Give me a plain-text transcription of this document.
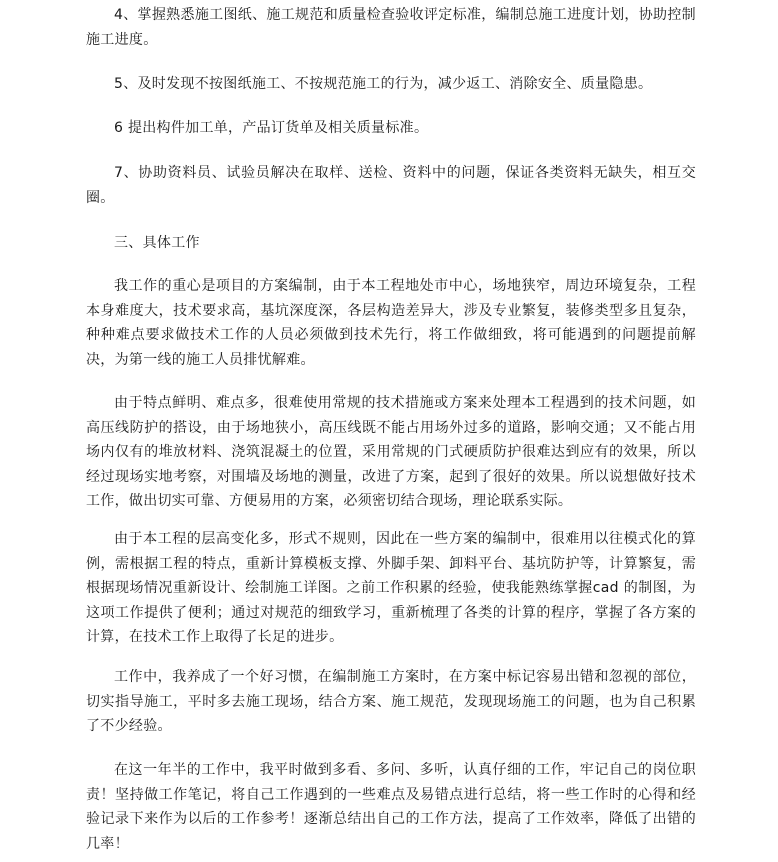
4、掌握熟悉施工图纸、施工规范和质量检查验收评定标准，编制总施工进度计划，协助控制施工进度。

5、及时发现不按图纸施工、不按规范施工的行为，减少返工、消除安全、质量隐患。

6 提出构件加工单，产品订货单及相关质量标准。

7、协助资料员、试验员解决在取样、送检、资料中的问题，保证各类资料无缺失，相互交圈。

三、具体工作

我工作的重心是项目的方案编制，由于本工程地处市中心，场地狭窄，周边环境复杂，工程本身难度大，技术要求高，基坑深度深，各层构造差异大，涉及专业繁复，装修类型多且复杂，种种难点要求做技术工作的人员必须做到技术先行，将工作做细致，将可能遇到的问题提前解决，为第一线的施工人员排忧解难。

由于特点鲜明、难点多，很难使用常规的技术措施或方案来处理本工程遇到的技术问题，如高压线防护的搭设，由于场地狭小，高压线既不能占用场外过多的道路，影响交通；又不能占用场内仅有的堆放材料、浇筑混凝土的位置，采用常规的门式硬质防护很难达到应有的效果，所以经过现场实地考察，对围墙及场地的测量，改进了方案，起到了很好的效果。所以说想做好技术工作，做出切实可靠、方便易用的方案，必须密切结合现场，理论联系实际。

由于本工程的层高变化多，形式不规则，因此在一些方案的编制中，很难用以往模式化的算例，需根据工程的特点，重新计算模板支撑、外脚手架、卸料平台、基坑防护等，计算繁复，需根据现场情况重新设计、绘制施工详图。之前工作积累的经验，使我能熟练掌握cad 的制图，为这项工作提供了便利；通过对规范的细致学习，重新梳理了各类的计算的程序，掌握了各方案的计算，在技术工作上取得了长足的进步。

工作中，我养成了一个好习惯，在编制施工方案时，在方案中标记容易出错和忽视的部位，切实指导施工，平时多去施工现场，结合方案、施工规范，发现现场施工的问题，也为自己积累了不少经验。

在这一年半的工作中，我平时做到多看、多问、多听，认真仔细的工作，牢记自己的岗位职责！坚持做工作笔记，将自己工作遇到的一些难点及易错点进行总结，将一些工作时的心得和经验记录下来作为以后的工作参考！逐渐总结出自己的工作方法，提高了工作效率，降低了出错的几率！
